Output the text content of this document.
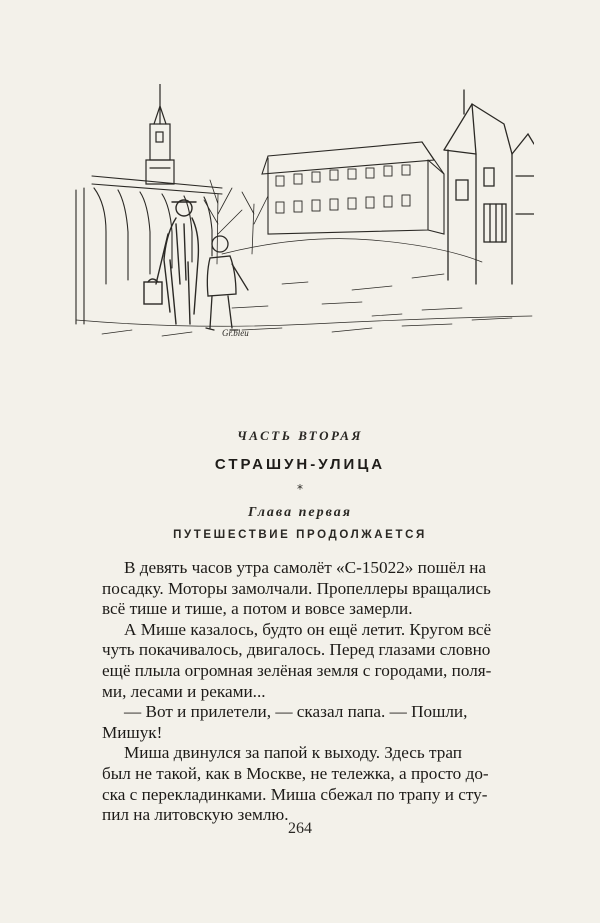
Gr.bleu
ЧАСТЬ ВТОРАЯ
СТРАШУН-УЛИЦА
*
Глава первая
ПУТЕШЕСТВИЕ ПРОДОЛЖАЕТСЯ
В девять часов утра самолёт «С-15022» пошёл на
посадку. Моторы замолчали. Пропеллеры вращались
всё тише и тише, а потом и вовсе замерли.
А Мише казалось, будто он ещё летит. Кругом всё
чуть покачивалось, двигалось. Перед глазами словно
ещё плыла огромная зелёная земля с городами, поля-
ми, лесами и реками...
— Вот и прилетели, — сказал папа. — Пошли,
Мишук!
Миша двинулся за папой к выходу. Здесь трап
был не такой, как в Москве, не тележка, а просто до-
ска с перекладинками. Миша сбежал по трапу и сту-
пил на литовскую землю.
264
